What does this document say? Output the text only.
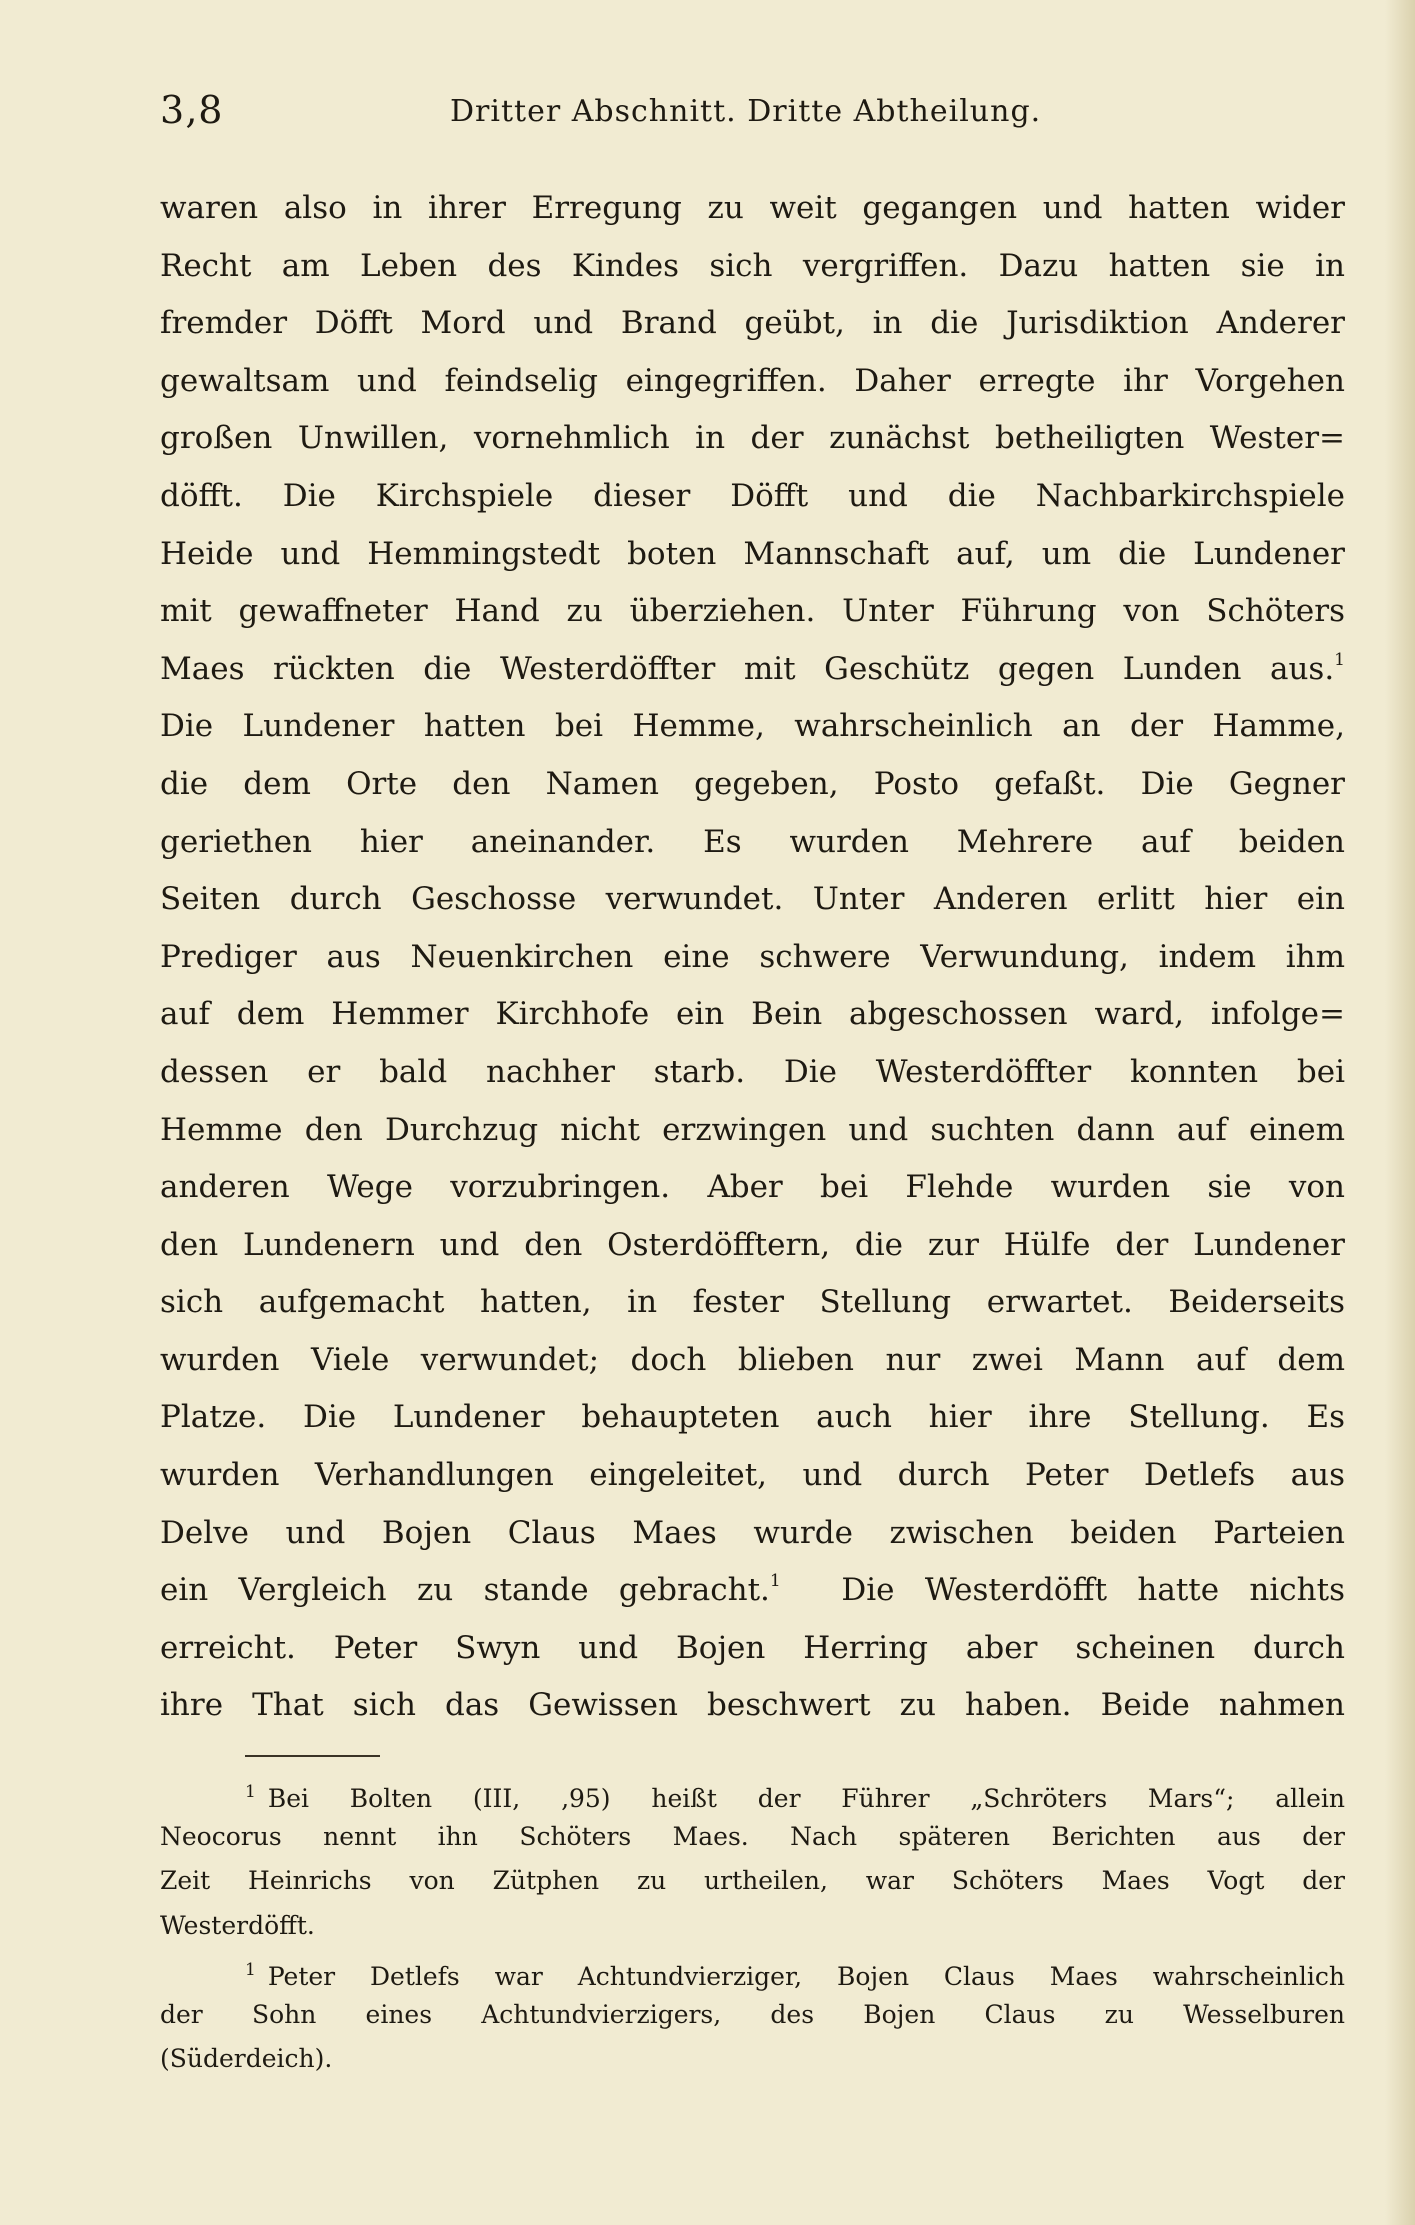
3‚8	Dritter Abschnitt. Dritte Abtheilung.
waren also in ihrer Erregung zu weit gegangen und hatten wider
Recht am Leben des Kindes sich vergriffen. Dazu hatten sie in
fremder Döfft Mord und Brand geübt, in die Jurisdiktion Anderer
gewaltsam und feindselig eingegriffen. Daher erregte ihr Vorgehen
großen Unwillen, vornehmlich in der zunächst betheiligten Wester=
döfft. Die Kirchspiele dieser Döfft und die Nachbarkirchspiele
Heide und Hemmingstedt boten Mannschaft auf, um die Lundener
mit gewaffneter Hand zu überziehen. Unter Führung von Schöters
Maes rückten die Westerdöffter mit Geschütz gegen Lunden aus.$^1$
Die Lundener hatten bei Hemme, wahrscheinlich an der Hamme,
die dem Orte den Namen gegeben, Posto gefaßt. Die Gegner
geriethen hier aneinander. Es wurden Mehrere auf beiden
Seiten durch Geschosse verwundet. Unter Anderen erlitt hier ein
Prediger aus Neuenkirchen eine schwere Verwundung, indem ihm
auf dem Hemmer Kirchhofe ein Bein abgeschossen ward, infolge=
dessen er bald nachher starb. Die Westerdöffter konnten bei
Hemme den Durchzug nicht erzwingen und suchten dann auf einem
anderen Wege vorzubringen. Aber bei Flehde wurden sie von
den Lundenern und den Osterdöfftern, die zur Hülfe der Lundener
sich aufgemacht hatten, in fester Stellung erwartet. Beiderseits
wurden Viele verwundet; doch blieben nur zwei Mann auf dem
Platze. Die Lundener behaupteten auch hier ihre Stellung. Es
wurden Verhandlungen eingeleitet, und durch Peter Detlefs aus
Delve und Bojen Claus Maes wurde zwischen beiden Parteien
ein Vergleich zu stande gebracht.$^1$ Die Westerdöfft hatte nichts
erreicht. Peter Swyn und Bojen Herring aber scheinen durch
ihre That sich das Gewissen beschwert zu haben. Beide nahmen
$^1$ Bei Bolten (III, ‚95) heißt der Führer „Schröters Mars“; allein
Neocorus nennt ihn Schöters Maes. Nach späteren Berichten aus der
Zeit Heinrichs von Zütphen zu urtheilen, war Schöters Maes Vogt der
Westerdöfft.
$^1$ Peter Detlefs war Achtundvierziger, Bojen Claus Maes wahrscheinlich
der Sohn eines Achtundvierzigers, des Bojen Claus zu Wesselburen
(Süderdeich).
